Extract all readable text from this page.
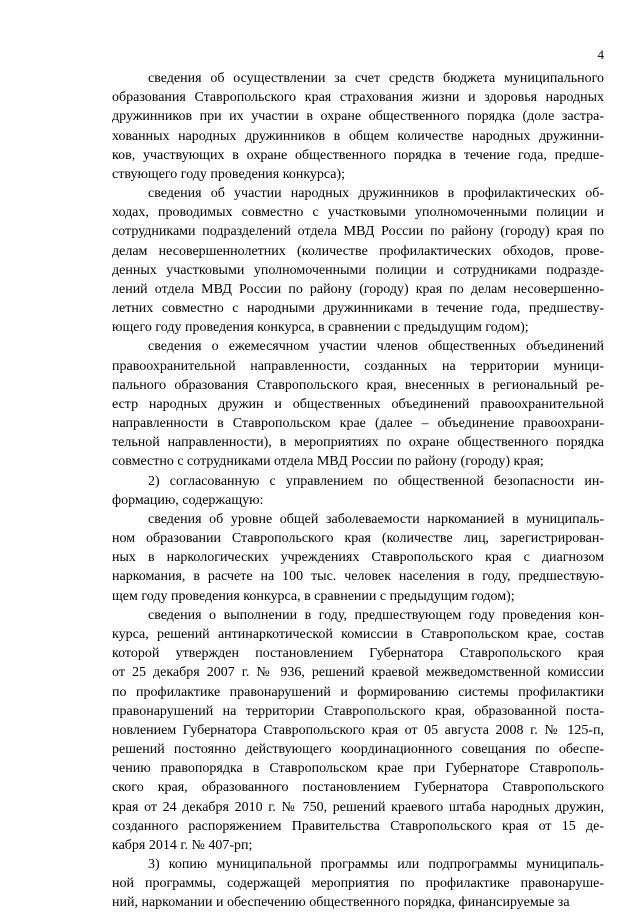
4
сведения об осуществлении за счет средств бюджета муниципального
образования Ставропольского края страхования жизни и здоровья народных
дружинников при их участии в охране общественного порядка (доле застра-
хованных народных дружинников в общем количестве народных дружинни-
ков, участвующих в охране общественного порядка в течение года, предше-
ствующего году проведения конкурса);
сведения об участии народных дружинников в профилактических об-
ходах, проводимых совместно с участковыми уполномоченными полиции и
сотрудниками подразделений отдела МВД России по району (городу) края по
делам несовершеннолетних (количестве профилактических обходов, прове-
денных участковыми уполномоченными полиции и сотрудниками подразде-
лений отдела МВД России по району (городу) края по делам несовершенно-
летних совместно с народными дружинниками в течение года, предшеству-
ющего году проведения конкурса, в сравнении с предыдущим годом);
сведения о ежемесячном участии членов общественных объединений
правоохранительной направленности, созданных на территории муници-
пального образования Ставропольского края, внесенных в региональный ре-
естр народных дружин и общественных объединений правоохранительной
направленности в Ставропольском крае (далее – объединение правоохрани-
тельной направленности), в мероприятиях по охране общественного порядка
совместно с сотрудниками отдела МВД России по району (городу) края;
2) согласованную с управлением по общественной безопасности ин-
формацию, содержащую:
сведения об уровне общей заболеваемости наркоманией в муниципаль-
ном образовании Ставропольского края (количестве лиц, зарегистрирован-
ных в наркологических учреждениях Ставропольского края с диагнозом
наркомания, в расчете на 100 тыс. человек населения в году, предшествую-
щем году проведения конкурса, в сравнении с предыдущим годом);
сведения о выполнении в году, предшествующем году проведения кон-
курса, решений антинаркотической комиссии в Ставропольском крае, состав
которой утвержден постановлением Губернатора Ставропольского края
от 25 декабря 2007 г. № 936, решений краевой межведомственной комиссии
по профилактике правонарушений и формированию системы профилактики
правонарушений на территории Ставропольского края, образованной поста-
новлением Губернатора Ставропольского края от 05 августа 2008 г. № 125-п,
решений постоянно действующего координационного совещания по обеспе-
чению правопорядка в Ставропольском крае при Губернаторе Ставрополь-
ского края, образованного постановлением Губернатора Ставропольского
края от 24 декабря 2010 г. № 750, решений краевого штаба народных дружин,
созданного распоряжением Правительства Ставропольского края от 15 де-
кабря 2014 г. № 407-рп;
3) копию муниципальной программы или подпрограммы муниципаль-
ной программы, содержащей мероприятия по профилактике правонаруше-
ний, наркомании и обеспечению общественного порядка, финансируемые за
